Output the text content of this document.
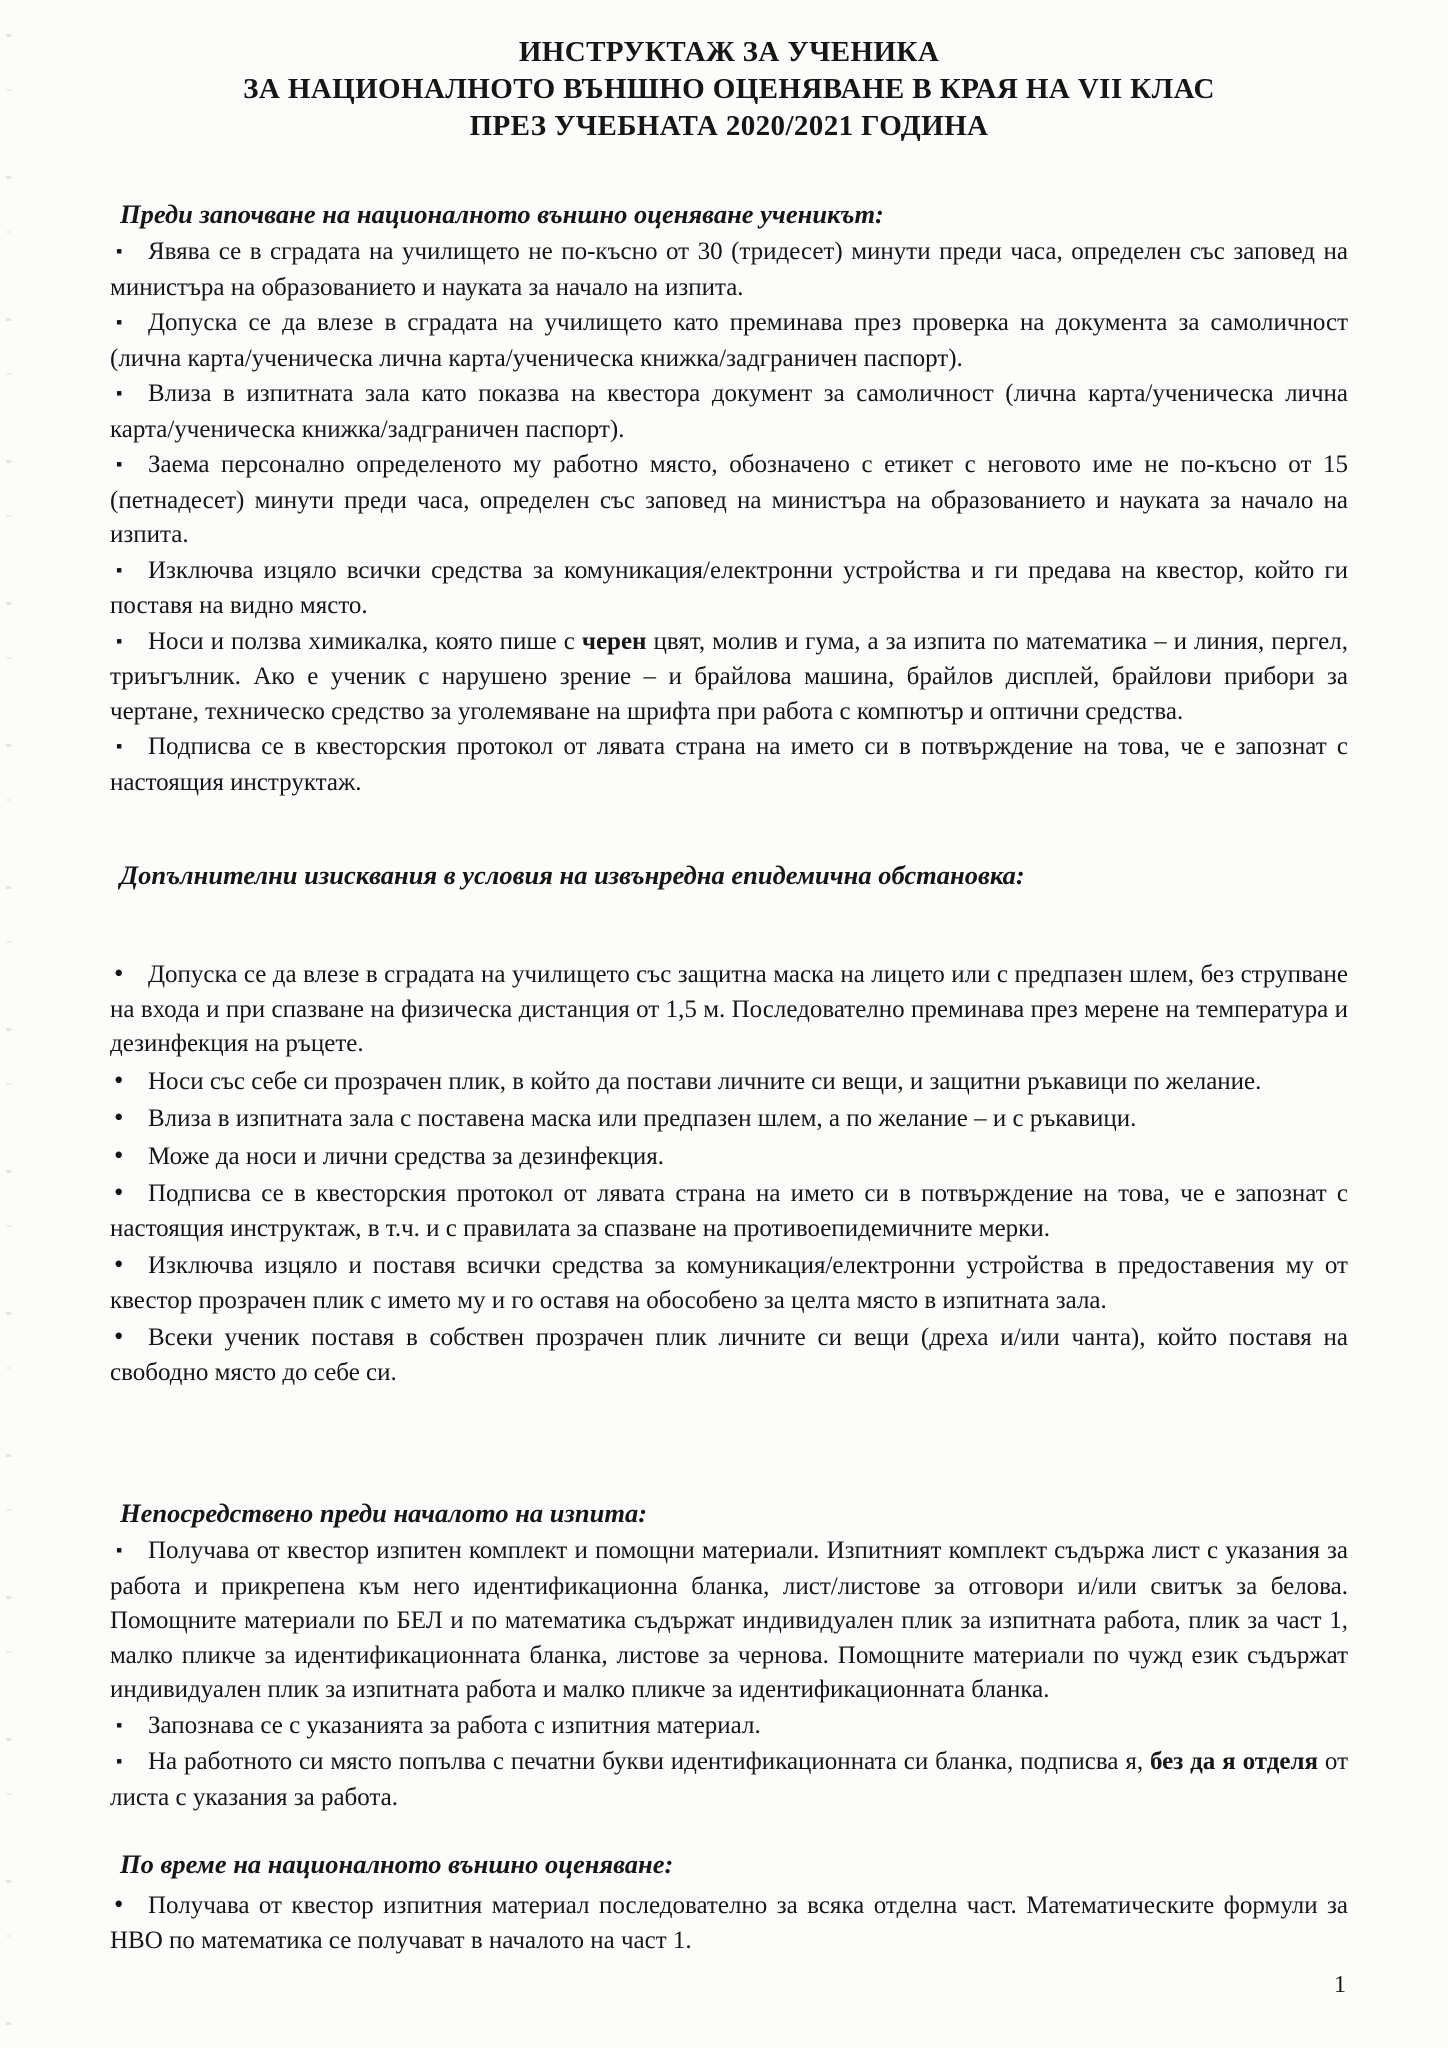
ИНСТРУКТАЖ ЗА УЧЕНИКА
ЗА НАЦИОНАЛНОТО ВЪНШНО ОЦЕНЯВАНЕ В КРАЯ НА VII КЛАС
ПРЕЗ УЧЕБНАТА 2020/2021 ГОДИНА
Преди започване на националното външно оценяване ученикът:
▪Явява се в сградата на училището не по-късно от 30 (тридесет) минути преди часа, определен със заповед на министъра на образованието и науката за начало на изпита.
▪Допуска се да влезе в сградата на училището като преминава през проверка на документа за самоличност (лична карта/ученическа лична карта/ученическа книжка/задграничен паспорт).
▪Влиза в изпитната зала като показва на квестора документ за самоличност (лична карта/ученическа лична карта/ученическа книжка/задграничен паспорт).
▪Заема персонално определеното му работно място, обозначено с етикет с неговото име не по-късно от 15 (петнадесет) минути преди часа, определен със заповед на министъра на образованието и науката за начало на изпита.
▪Изключва изцяло всички средства за комуникация/електронни устройства и ги предава на квестор, който ги поставя на видно място.
▪Носи и ползва химикалка, която пише с черен цвят, молив и гума, а за изпита по математика – и линия, пергел, триъгълник. Ако е ученик с нарушено зрение – и брайлова машина, брайлов дисплей, брайлови прибори за чертане, техническо средство за уголемяване на шрифта при работа с компютър и оптични средства.
▪Подписва се в квесторския протокол от лявата страна на името си в потвърждение на това, че е запознат с настоящия инструктаж.
Допълнителни изисквания в условия на извънредна епидемична обстановка:
•Допуска се да влезе в сградата на училището със защитна маска на лицето или с предпазен шлем, без струпване на входа и при спазване на физическа дистанция от 1,5 м. Последователно преминава през мерене на температура и дезинфекция на ръцете.
•Носи със себе си прозрачен плик, в който да постави личните си вещи, и защитни ръкавици по желание.
•Влиза в изпитната зала с поставена маска или предпазен шлем, а по желание – и с ръкавици.
•Може да носи и лични средства за дезинфекция.
•Подписва се в квесторския протокол от лявата страна на името си в потвърждение на това, че е запознат с настоящия инструктаж, в т.ч. и с правилата за спазване на противоепидемичните мерки.
•Изключва изцяло и поставя всички средства за комуникация/електронни устройства в предоставения му от квестор прозрачен плик с името му и го оставя на обособено за целта място в изпитната зала.
•Всеки ученик поставя в собствен прозрачен плик личните си вещи (дреха и/или чанта), който поставя на свободно място до себе си.
Непосредствено преди началото на изпита:
▪Получава от квестор изпитен комплект и помощни материали. Изпитният комплект съдържа лист с указания за работа и прикрепена към него идентификационна бланка, лист/листове за отговори и/или свитък за белова. Помощните материали по БЕЛ и по математика съдържат индивидуален плик за изпитната работа, плик за част 1, малко пликче за идентификационната бланка, листове за чернова. Помощните материали по чужд език съдържат индивидуален плик за изпитната работа и малко пликче за идентификационната бланка.
▪Запознава се с указанията за работа с изпитния материал.
▪На работното си място попълва с печатни букви идентификационната си бланка, подписва я, без да я отделя от листа с указания за работа.
По време на националното външно оценяване:
•Получава от квестор изпитния материал последователно за всяка отделна част. Математическите формули за НВО по математика се получават в началото на част 1.
1
